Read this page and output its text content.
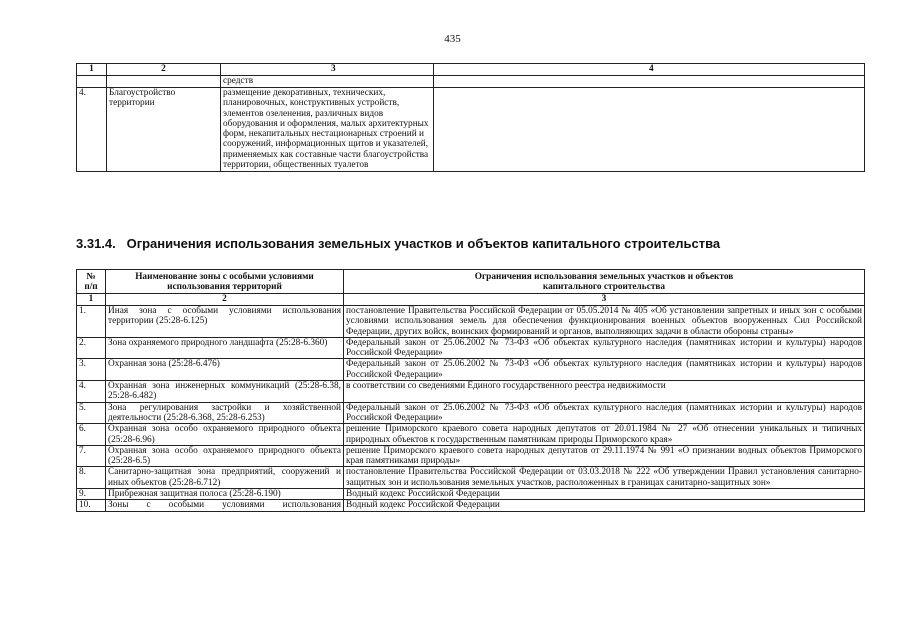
435
1	2	3	4
		средств	
4.	Благоустройство территории	размещение декоративных, технических, планировочных, конструктивных устройств, элементов озеленения, различных видов оборудования и оформления, малых архитектурных форм, некапитальных нестационарных строений и сооружений, информационных щитов и указателей, применяемых как составные части благоустройства территории, общественных туалетов	
3.31.4.   Ограничения использования земельных участков и объектов капитального строительства
№ п/п	Наименование зоны с особыми условиями использования территорий	Ограничения использования земельных участков и объектов капитального строительства
1	2	3
1.	Иная зона с особыми условиями использования территории (25:28-6.125)	постановление Правительства Российской Федерации от 05.05.2014 № 405 «Об установлении запретных и иных зон с особыми условиями использования земель для обеспечения функционирования военных объектов вооруженных Сил Российской Федерации, других войск, воинских формирований и органов, выполняющих задачи в области обороны страны»
2.	Зона охраняемого природного ландшафта (25:28-6.360)	Федеральный закон от 25.06.2002 № 73-ФЗ «Об объектах культурного наследия (памятниках истории и культуры) народов Российской Федерации»
3.	Охранная зона (25:28-6.476)	Федеральный закон от 25.06.2002 № 73-ФЗ «Об объектах культурного наследия (памятниках истории и культуры) народов Российской Федерации»
4.	Охранная зона инженерных коммуникаций (25:28-6.38, 25:28-6.482)	в соответствии со сведениями Единого государственного реестра недвижимости
5.	Зона регулирования застройки и хозяйственной деятельности (25:28-6.368, 25:28-6.253)	Федеральный закон от 25.06.2002 № 73-ФЗ «Об объектах культурного наследия (памятниках истории и культуры) народов Российской Федерации»
6.	Охранная зона особо охраняемого природного объекта (25:28-6.96)	решение Приморского краевого совета народных депутатов от 20.01.1984 № 27 «Об отнесении уникальных и типичных природных объектов к государственным памятникам природы Приморского края»
7.	Охранная зона особо охраняемого природного объекта (25:28-6.5)	решение Приморского краевого совета народных депутатов от 29.11.1974 № 991 «О признании водных объектов Приморского края памятниками природы»
8.	Санитарно-защитная зона предприятий, сооружений и иных объектов (25:28-6.712)	постановление Правительства Российской Федерации от 03.03.2018 № 222 «Об утверждении Правил установления санитарно-защитных зон и использования земельных участков, расположенных в границах санитарно-защитных зон»
9.	Прибрежная защитная полоса (25:28-6.190)	Водный кодекс Российской Федерации
10.	Зоны с особыми условиями использования	Водный кодекс Российской Федерации
